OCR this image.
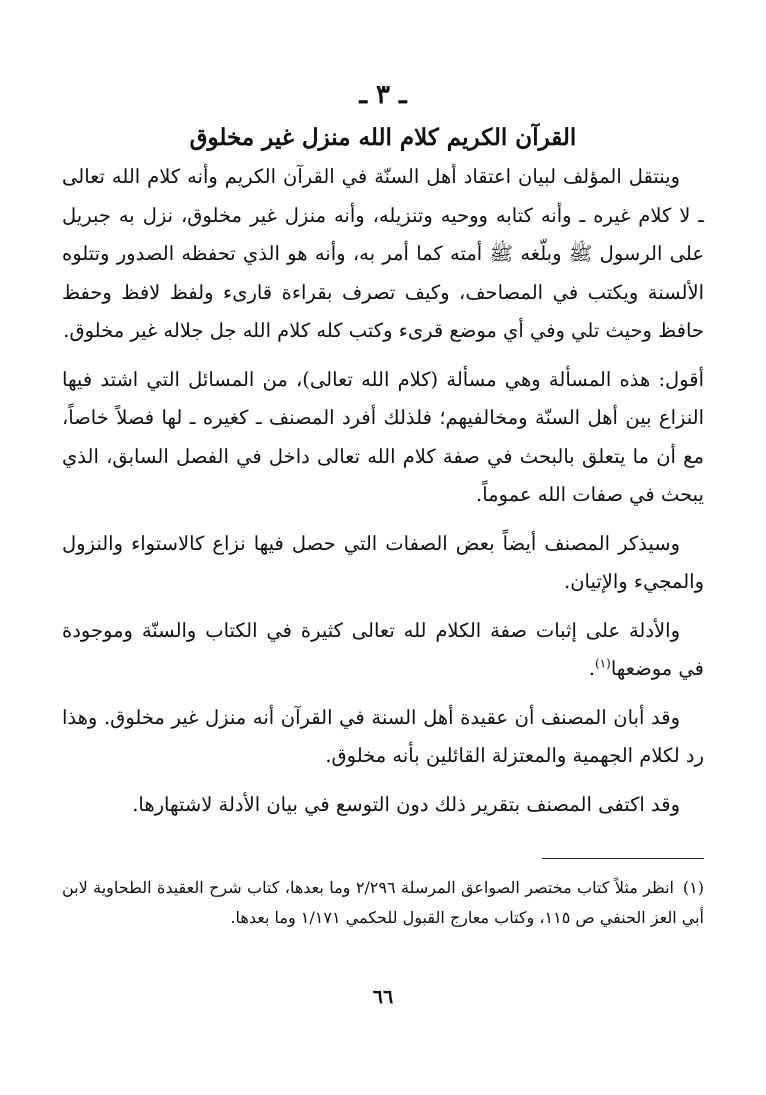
ـ ٣ ـ
القرآن الكريم كلام الله منزل غير مخلوق

وينتقل المؤلف لبيان اعتقاد أهل السنّة في القرآن الكريم وأنه كلام الله تعالى ـ لا كلام غيره ـ وأنه كتابه ووحيه وتنزيله، وأنه منزل غير مخلوق، نزل به جبريل على الرسول ﷺ وبلّغه ﷺ أمته كما أمر به، وأنه هو الذي تحفظه الصدور وتتلوه الألسنة ويكتب في المصاحف، وكيف تصرف بقراءة قارىء ولفظ لافظ وحفظ حافظ وحيث تلي وفي أي موضع قرىء وكتب كله كلام الله جل جلاله غير مخلوق.

أقول: هذه المسألة وهي مسألة (كلام الله تعالى)، من المسائل التي اشتد فيها النزاع بين أهل السنّة ومخالفيهم؛ فلذلك أفرد المصنف ـ كغيره ـ لها فصلاً خاصاً، مع أن ما يتعلق بالبحث في صفة كلام الله تعالى داخل في الفصل السابق، الذي يبحث في صفات الله عموماً.

وسيذكر المصنف أيضاً بعض الصفات التي حصل فيها نزاع كالاستواء والنزول والمجيء والإتيان.

والأدلة على إثبات صفة الكلام لله تعالى كثيرة في الكتاب والسنّة وموجودة في موضعها$^{(١)}$.

وقد أبان المصنف أن عقيدة أهل السنة في القرآن أنه منزل غير مخلوق. وهذا رد لكلام الجهمية والمعتزلة القائلين بأنه مخلوق.

وقد اكتفى المصنف بتقرير ذلك دون التوسع في بيان الأدلة لاشتهارها.

(١)انظر مثلاً كتاب مختصر الصواعق المرسلة ٢/٢٩٦ وما بعدها، كتاب شرح العقيدة الطحاوية لابن أبي العز الحنفي ص ١١٥، وكتاب معارج القبول للحكمي ١/١٧١ وما بعدها.

٦٦
